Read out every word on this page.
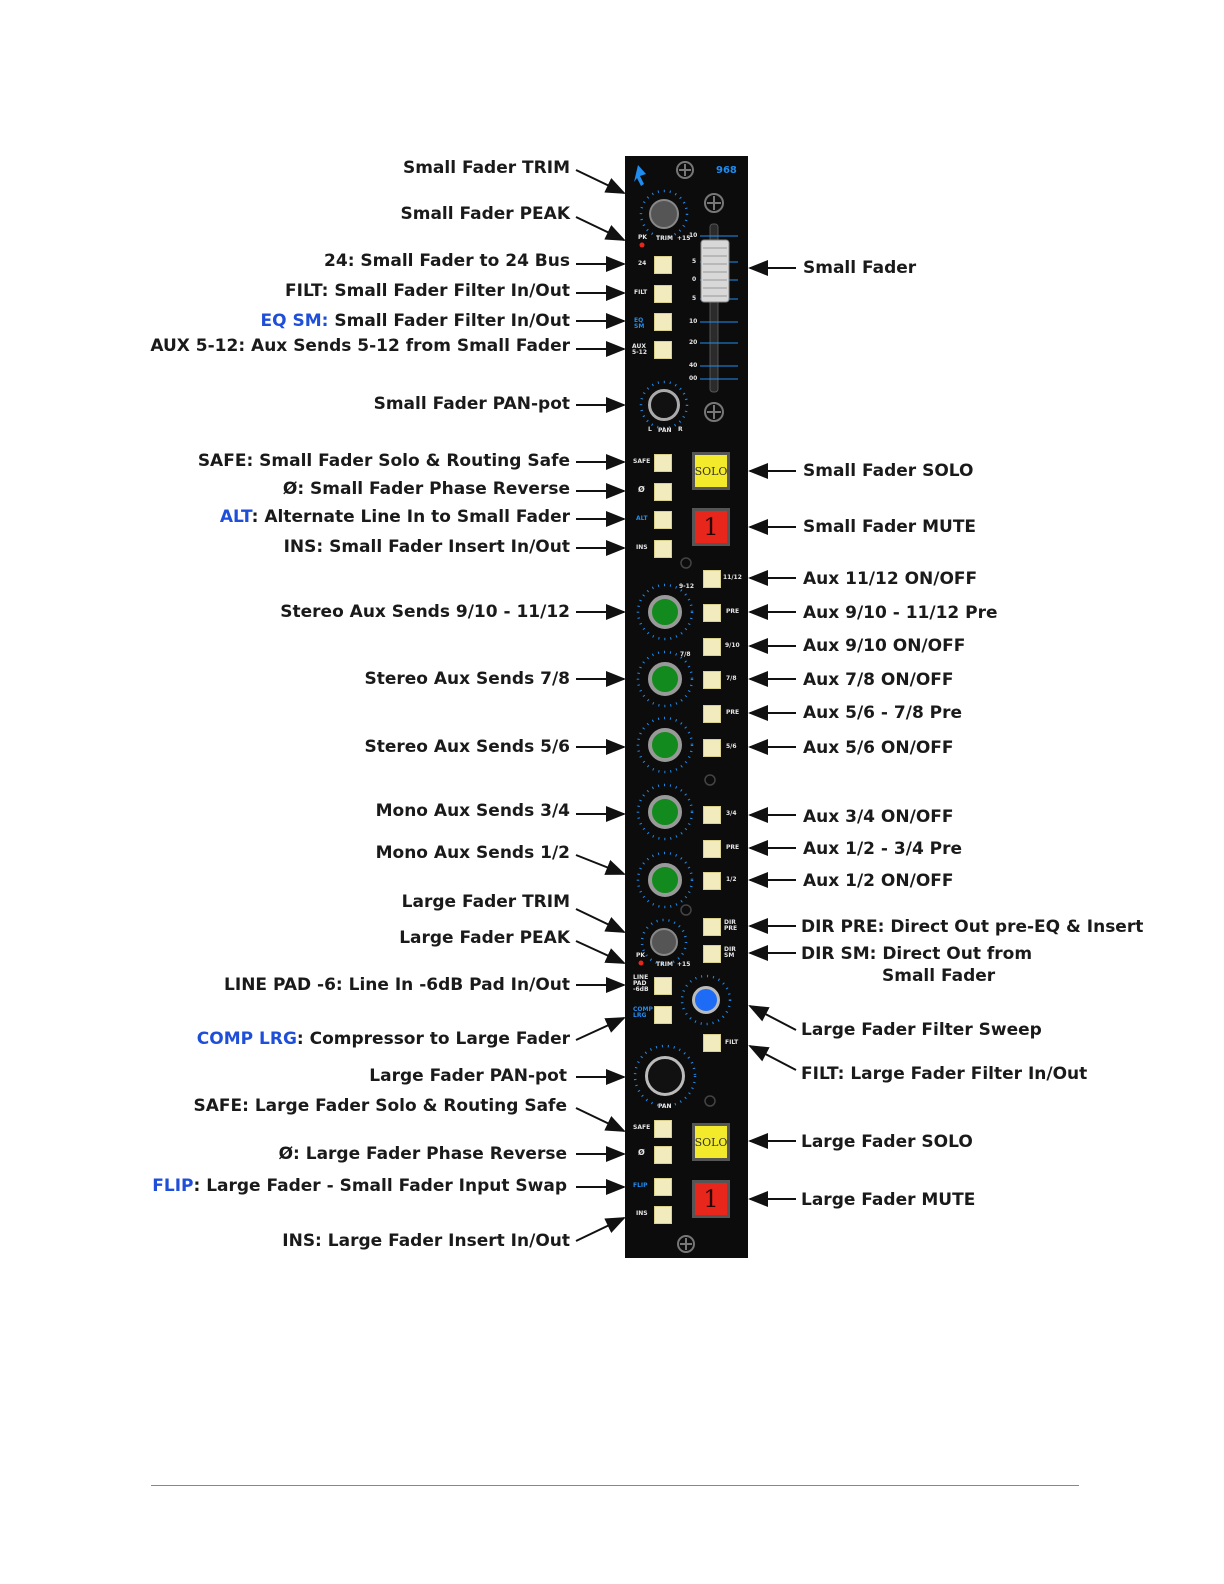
SOLO
1
SOLO
1
968
PK TRIM +15
24
FILT
EQ SM
AUX 5-12
PAN
L	R
SAFE
Ø
ALT
INS
11/12
9-12
PRE
9/10
7/8
7/8
PRE
5/6
3/4
PRE
1/2
DIR PRE
DIR SM
PK
TRIM +15
LINE PAD -6dB
COMP LRG
FILT
PAN
SAFE
Ø
FLIP
INS
10
5
0
5
10
20
40
00
Small Fader TRIM
Small Fader PEAK
24: Small Fader to 24 Bus
FILT: Small Fader Filter In/Out
EQ SM: Small Fader Filter In/Out
AUX 5-12: Aux Sends 5-12 from Small Fader
Small Fader PAN-pot
SAFE: Small Fader Solo & Routing Safe
Ø: Small Fader Phase Reverse
ALT: Alternate Line In to Small Fader
INS: Small Fader Insert In/Out
Stereo Aux Sends 9/10 - 11/12
Stereo Aux Sends 7/8
Stereo Aux Sends 5/6
Mono Aux Sends 3/4
Mono Aux Sends 1/2
Large Fader TRIM
Large Fader PEAK
LINE PAD -6: Line In -6dB Pad In/Out
COMP LRG: Compressor to Large Fader
Large Fader PAN-pot
SAFE: Large Fader Solo & Routing Safe
Ø: Large Fader Phase Reverse
FLIP: Large Fader - Small Fader Input Swap
INS: Large Fader Insert In/Out
Small Fader
Small Fader SOLO
Small Fader MUTE
Aux 11/12 ON/OFF
Aux 9/10 - 11/12 Pre
Aux 9/10 ON/OFF
Aux 7/8 ON/OFF
Aux 5/6 - 7/8 Pre
Aux 5/6 ON/OFF
Aux 3/4 ON/OFF
Aux 1/2 - 3/4 Pre
Aux 1/2 ON/OFF
DIR PRE: Direct Out pre-EQ & Insert
DIR SM: Direct Out from
Small Fader
Large Fader Filter Sweep
FILT: Large Fader Filter In/Out
Large Fader SOLO
Large Fader MUTE
